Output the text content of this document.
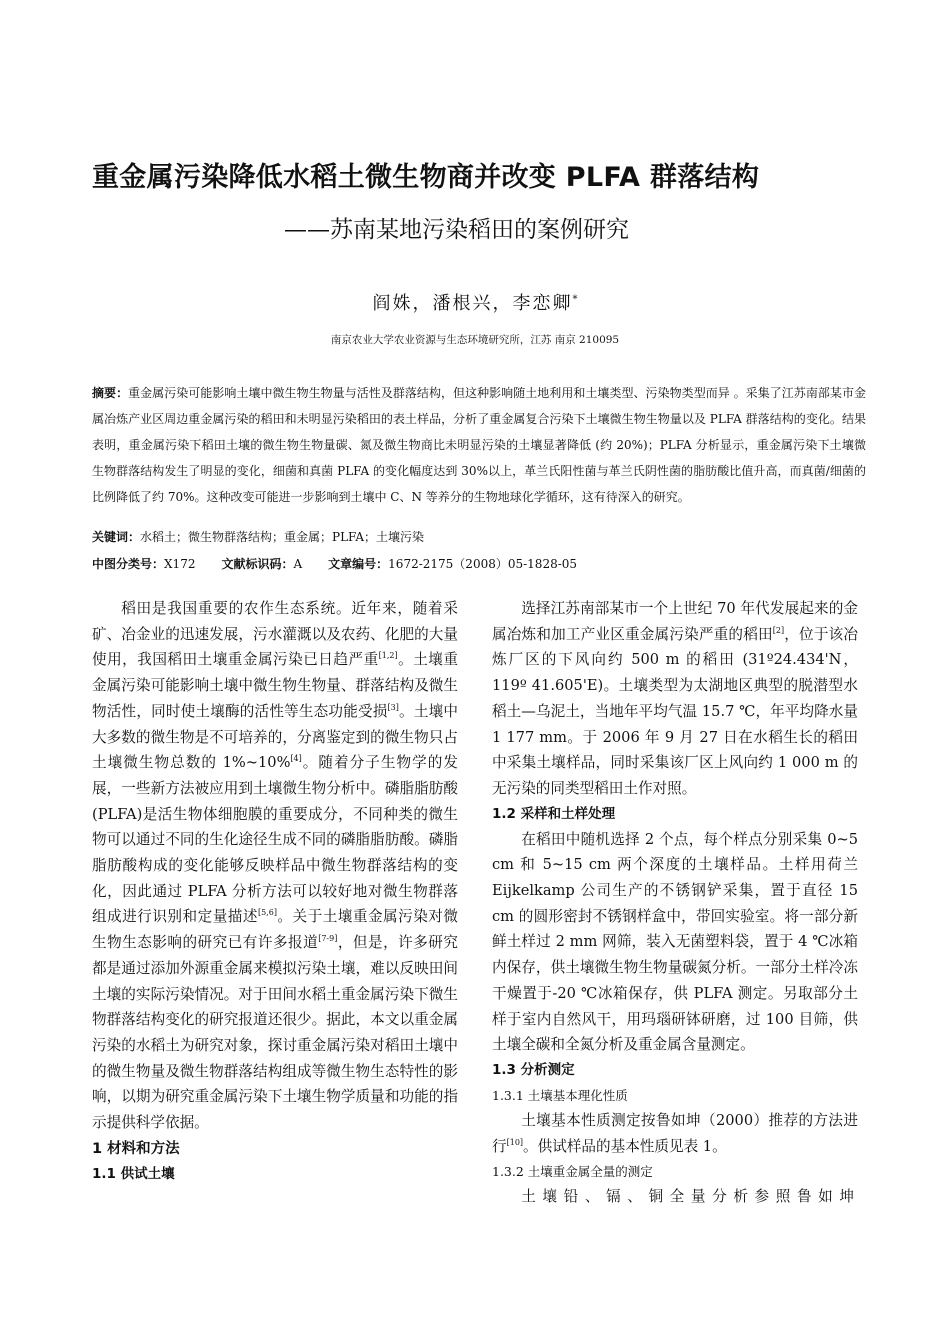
重金属污染降低水稻土微生物商并改变 PLFA 群落结构
——苏南某地污染稻田的案例研究
阎姝，潘根兴，李恋卿*
南京农业大学农业资源与生态环境研究所，江苏 南京 210095
摘要：重金属污染可能影响土壤中微生物生物量与活性及群落结构，但这种影响随土地利用和土壤类型、污染物类型而异 。采集了江苏南部某市金属冶炼产业区周边重金属污染的稻田和未明显污染稻田的表土样品，分析了重金属复合污染下土壤微生物生物量以及 PLFA 群落结构的变化。结果表明，重金属污染下稻田土壤的微生物生物量碳、氮及微生物商比未明显污染的土壤显著降低 (约 20%)；PLFA 分析显示，重金属污染下土壤微生物群落结构发生了明显的变化，细菌和真菌 PLFA 的变化幅度达到 30%以上，革兰氏阳性菌与革兰氏阴性菌的脂肪酸比值升高，而真菌/细菌的比例降低了约 70%。这种改变可能进一步影响到土壤中 C、N 等养分的生物地球化学循环，这有待深入的研究。
关键词：水稻土；微生物群落结构；重金属；PLFA；土壤污染
中图分类号：X172 文献标识码：A 文章编号：1672-2175（2008）05-1828-05

稻田是我国重要的农作生态系统。近年来，随着采矿、冶金业的迅速发展，污水灌溉以及农药、化肥的大量使用，我国稻田土壤重金属污染已日趋严重[1,2]。土壤重金属污染可能影响土壤中微生物生物量、群落结构及微生物活性，同时使土壤酶的活性等生态功能受损[3]。土壤中大多数的微生物是不可培养的，分离鉴定到的微生物只占土壤微生物总数的 1%~10%[4]。随着分子生物学的发展，一些新方法被应用到土壤微生物分析中。磷脂脂肪酸(PLFA)是活生物体细胞膜的重要成分，不同种类的微生物可以通过不同的生化途径生成不同的磷脂脂肪酸。磷脂脂肪酸构成的变化能够反映样品中微生物群落结构的变化，因此通过 PLFA 分析方法可以较好地对微生物群落组成进行识别和定量描述[5,6]。关于土壤重金属污染对微生物生态影响的研究已有许多报道[7-9]，但是，许多研究都是通过添加外源重金属来模拟污染土壤，难以反映田间土壤的实际污染情况。对于田间水稻土重金属污染下微生物群落结构变化的研究报道还很少。据此，本文以重金属污染的水稻土为研究对象，探讨重金属污染对稻田土壤中的微生物量及微生物群落结构组成等微生物生态特性的影响，以期为研究重金属污染下土壤生物学质量和功能的指示提供科学依据。

1 材料和方法
1.1 供试土壤

选择江苏南部某市一个上世纪 70 年代发展起来的金属冶炼和加工产业区重金属污染严重的稻田[2]，位于该冶炼厂区的下风向约 500 m 的稻田 (31º24.434'N，119º 41.605'E)。土壤类型为太湖地区典型的脱潜型水稻土—乌泥土，当地年平均气温 15.7 ℃，年平均降水量 1 177 mm。于 2006 年 9 月 27 日在水稻生长的稻田中采集土壤样品，同时采集该厂区上风向约 1 000 m 的无污染的同类型稻田土作对照。

1.2 采样和土样处理

在稻田中随机选择 2 个点，每个样点分别采集 0~5 cm 和 5~15 cm 两个深度的土壤样品。土样用荷兰 Eijkelkamp 公司生产的不锈钢铲采集，置于直径 15 cm 的圆形密封不锈钢样盒中，带回实验室。将一部分新鲜土样过 2 mm 网筛，装入无菌塑料袋，置于 4 ℃冰箱内保存，供土壤微生物生物量碳氮分析。一部分土样冷冻干燥置于-20 ℃冰箱保存，供 PLFA 测定。另取部分土样于室内自然风干，用玛瑙研钵研磨，过 100 目筛，供土壤全碳和全氮分析及重金属含量测定。

1.3 分析测定
1.3.1 土壤基本理化性质

土壤基本性质测定按鲁如坤（2000）推荐的方法进行[10]。供试样品的基本性质见表 1。

1.3.2 土壤重金属全量的测定

土壤铅、镉、铜全量分析参照鲁如坤
